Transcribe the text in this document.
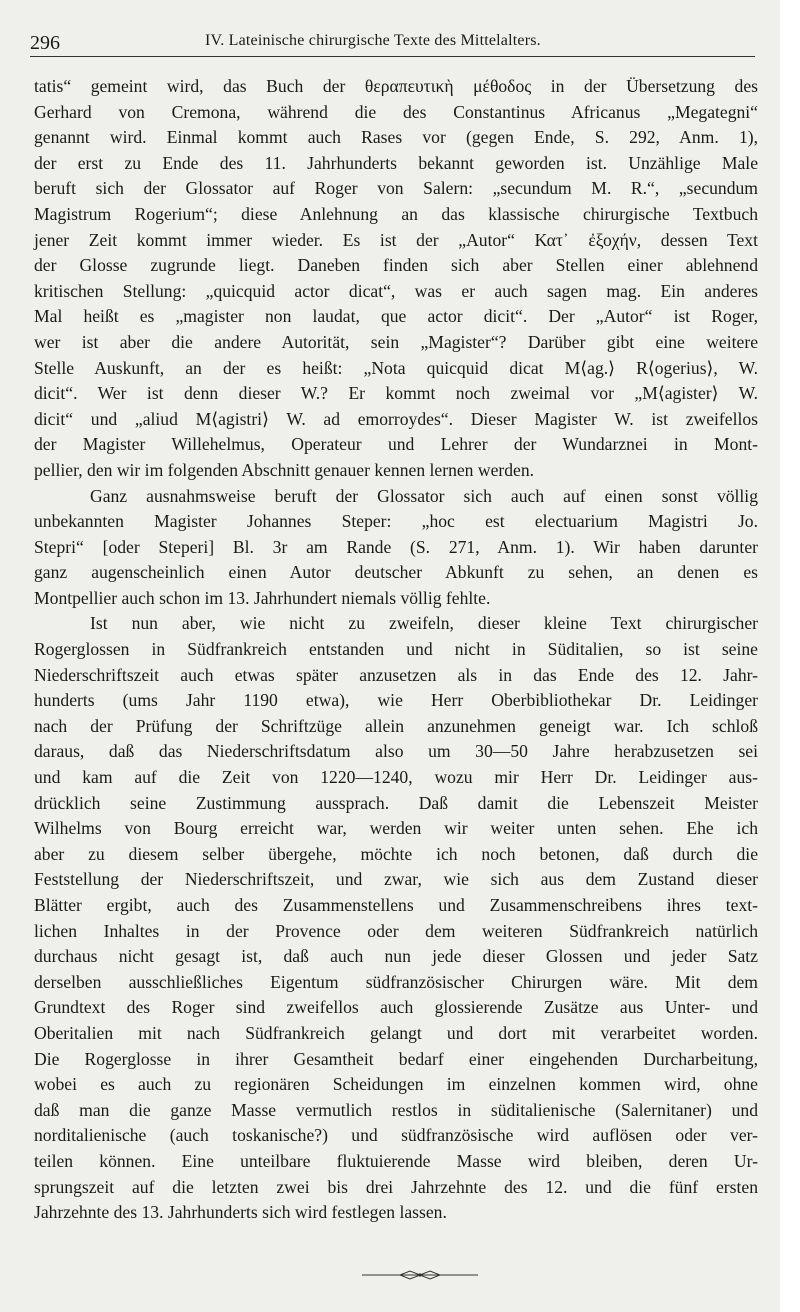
296	IV. Lateinische chirurgische Texte des Mittelalters.
tatis“ gemeint wird, das Buch der θεραπευτικὴ μέθοδος in der Übersetzung des
Gerhard von Cremona, während die des Constantinus Africanus „Megategni“
genannt wird. Einmal kommt auch Rases vor (gegen Ende, S. 292, Anm. 1),
der erst zu Ende des 11. Jahrhunderts bekannt geworden ist. Unzählige Male
beruft sich der Glossator auf Roger von Salern: „secundum M. R.“, „secundum
Magistrum Rogerium“; diese Anlehnung an das klassische chirurgische Textbuch
jener Zeit kommt immer wieder. Es ist der „Autor“ Κατ᾽ ἐξοχήν, dessen Text
der Glosse zugrunde liegt. Daneben finden sich aber Stellen einer ablehnend
kritischen Stellung: „quicquid actor dicat“, was er auch sagen mag. Ein anderes
Mal heißt es „magister non laudat, que actor dicit“. Der „Autor“ ist Roger,
wer ist aber die andere Autorität, sein „Magister“? Darüber gibt eine weitere
Stelle Auskunft, an der es heißt: „Nota quicquid dicat M⟨ag.⟩ R⟨ogerius⟩, W.
dicit“. Wer ist denn dieser W.? Er kommt noch zweimal vor „M⟨agister⟩ W.
dicit“ und „aliud M⟨agistri⟩ W. ad emorroydes“. Dieser Magister W. ist zweifellos
der Magister Willehelmus, Operateur und Lehrer der Wundarznei in Mont-
pellier, den wir im folgenden Abschnitt genauer kennen lernen werden.
Ganz ausnahmsweise beruft der Glossator sich auch auf einen sonst völlig
unbekannten Magister Johannes Steper: „hoc est electuarium Magistri Jo.
Stepri“ [oder Steperi] Bl. 3r am Rande (S. 271, Anm. 1). Wir haben darunter
ganz augenscheinlich einen Autor deutscher Abkunft zu sehen, an denen es
Montpellier auch schon im 13. Jahrhundert niemals völlig fehlte.
Ist nun aber, wie nicht zu zweifeln, dieser kleine Text chirurgischer
Rogerglossen in Südfrankreich entstanden und nicht in Süditalien, so ist seine
Niederschriftszeit auch etwas später anzusetzen als in das Ende des 12. Jahr-
hunderts (ums Jahr 1190 etwa), wie Herr Oberbibliothekar Dr. Leidinger
nach der Prüfung der Schriftzüge allein anzunehmen geneigt war. Ich schloß
daraus, daß das Niederschriftsdatum also um 30—50 Jahre herabzusetzen sei
und kam auf die Zeit von 1220—1240, wozu mir Herr Dr. Leidinger aus-
drücklich seine Zustimmung aussprach. Daß damit die Lebenszeit Meister
Wilhelms von Bourg erreicht war, werden wir weiter unten sehen. Ehe ich
aber zu diesem selber übergehe, möchte ich noch betonen, daß durch die
Feststellung der Niederschriftszeit, und zwar, wie sich aus dem Zustand dieser
Blätter ergibt, auch des Zusammenstellens und Zusammenschreibens ihres text-
lichen Inhaltes in der Provence oder dem weiteren Südfrankreich natürlich
durchaus nicht gesagt ist, daß auch nun jede dieser Glossen und jeder Satz
derselben ausschließliches Eigentum südfranzösischer Chirurgen wäre. Mit dem
Grundtext des Roger sind zweifellos auch glossierende Zusätze aus Unter- und
Oberitalien mit nach Südfrankreich gelangt und dort mit verarbeitet worden.
Die Rogerglosse in ihrer Gesamtheit bedarf einer eingehenden Durcharbeitung,
wobei es auch zu regionären Scheidungen im einzelnen kommen wird, ohne
daß man die ganze Masse vermutlich restlos in süditalienische (Salernitaner) und
norditalienische (auch toskanische?) und südfranzösische wird auflösen oder ver-
teilen können. Eine unteilbare fluktuierende Masse wird bleiben, deren Ur-
sprungszeit auf die letzten zwei bis drei Jahrzehnte des 12. und die fünf ersten
Jahrzehnte des 13. Jahrhunderts sich wird festlegen lassen.
